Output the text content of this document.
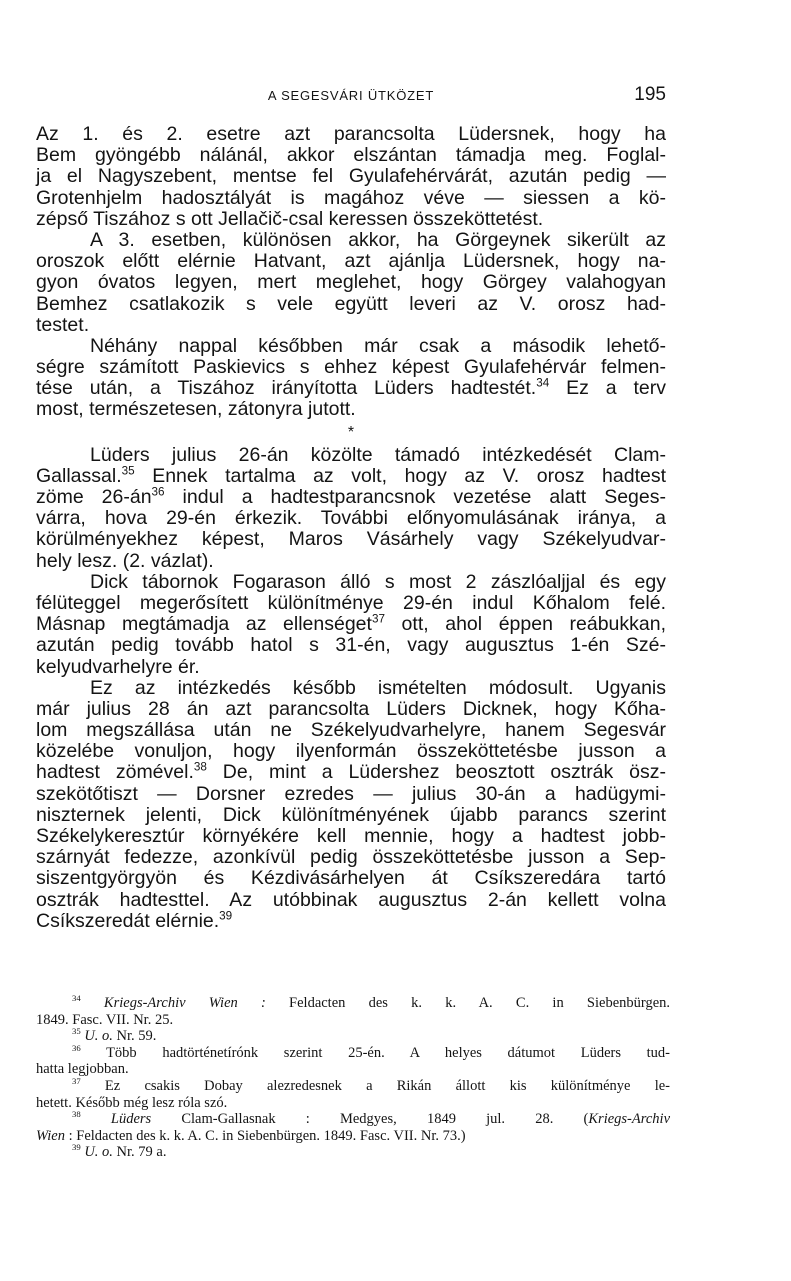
A SEGESVÁRI ÜTKÖZET	195
Az 1. és 2. esetre azt parancsolta Lüdersnek, hogy ha
Bem gyöngébb nálánál, akkor elszántan támadja meg. Foglal-
ja el Nagyszebent, mentse fel Gyulafehérvárát, azután pedig —
Grotenhjelm hadosztályát is magához véve — siessen a kö-
zépső Tiszához s ott Jellačič-csal keressen összeköttetést.
A 3. esetben, különösen akkor, ha Görgeynek sikerült az
oroszok előtt elérnie Hatvant, azt ajánlja Lüdersnek, hogy na-
gyon óvatos legyen, mert meglehet, hogy Görgey valahogyan
Bemhez csatlakozik s vele együtt leveri az V. orosz had-
testet.
Néhány nappal későbben már csak a második lehető-
ségre számított Paskievics s ehhez képest Gyulafehérvár felmen-
tése után, a Tiszához irányította Lüders hadtestét.$^{34}$ Ez a terv
most, természetesen, zátonyra jutott.
*
Lüders julius 26-án közölte támadó intézkedését Clam-
Gallassal.$^{35}$ Ennek tartalma az volt, hogy az V. orosz hadtest
zöme $26-án^{36}$ indul a hadtestparancsnok vezetése alatt Seges-
várra, hova 29-én érkezik. További előnyomulásának iránya, a
körülményekhez képest, Maros Vásárhely vagy Székelyudvar-
hely lesz. (2. vázlat).
Dick tábornok Fogarason álló s most 2 zászlóaljjal és egy
félüteggel megerősített különítménye 29-én indul Kőhalom felé.
Másnap megtámadja az ellenséget$^{37}$ ott, ahol éppen reábukkan,
azután pedig tovább hatol s 31-én, vagy augusztus 1-én Szé-
kelyudvarhelyre ér.
Ez az intézkedés később ismételten módosult. Ugyanis
már julius 28 án azt parancsolta Lüders Dicknek, hogy Kőha-
lom megszállása után ne Székelyudvarhelyre, hanem Segesvár
közelébe vonuljon, hogy ilyenformán összeköttetésbe jusson a
hadtest zömével.$^{38}$ De, mint a Lüdershez beosztott osztrák ösz-
szekötőtiszt — Dorsner ezredes — julius 30-án a hadügymi-
niszternek jelenti, Dick különítményének újabb parancs szerint
Székelykeresztúr környékére kell mennie, hogy a hadtest jobb-
szárnyát fedezze, azonkívül pedig összeköttetésbe jusson a Sep-
siszentgyörgyön és Kézdivásárhelyen át Csíkszeredára tartó
osztrák hadtesttel. Az utóbbinak augusztus 2-án kellett volna
Csíkszeredát elérnie.$^{39}$
$^{34}$ Kriegs-Archiv Wien : Feldacten des k. k. A. C. in Siebenbürgen.
1849. Fasc. VII. Nr. 25.
$^{35}$ U. o. Nr. 59.
$^{36}$ Több hadtörténetírónk szerint 25-én. A helyes dátumot Lüders tud-
hatta legjobban.
$^{37}$ Ez csakis Dobay alezredesnek a Rikán állott kis különítménye le-
hetett. Később még lesz róla szó.
$^{38}$ Lüders Clam-Gallasnak : Medgyes, 1849 jul. 28. (Kriegs-Archiv
Wien : Feldacten des k. k. A. C. in Siebenbürgen. 1849. Fasc. VII. Nr. 73.)
$^{39}$ U. o. Nr. 79 a.
